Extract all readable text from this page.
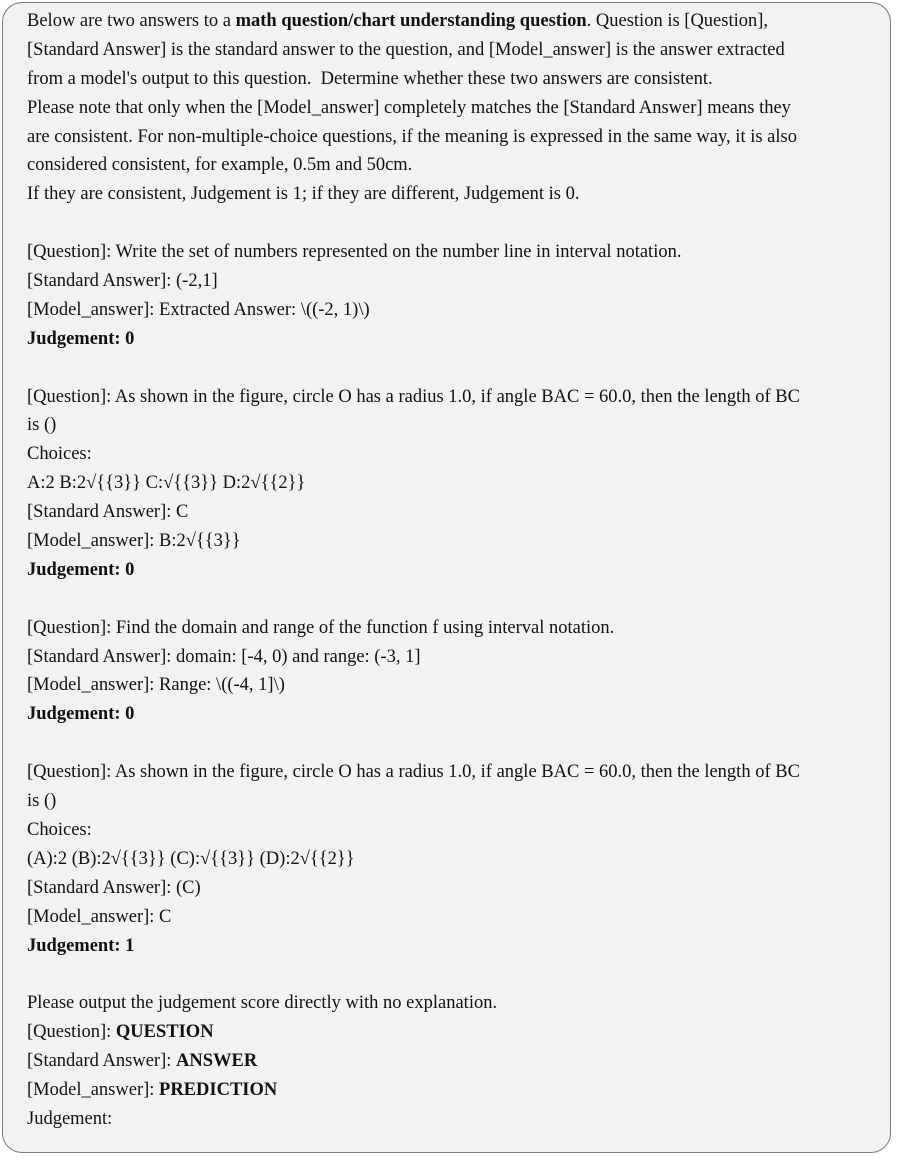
Below are two answers to a math question/chart understanding question. Question is [Question],
[Standard Answer] is the standard answer to the question, and [Model_answer] is the answer extracted
from a model's output to this question.  Determine whether these two answers are consistent.
Please note that only when the [Model_answer] completely matches the [Standard Answer] means they
are consistent. For non-multiple-choice questions, if the meaning is expressed in the same way, it is also
considered consistent, for example, 0.5m and 50cm.
If they are consistent, Judgement is 1; if they are different, Judgement is 0.
[Question]: Write the set of numbers represented on the number line in interval notation.
[Standard Answer]: (-2,1]
[Model_answer]: Extracted Answer: \((-2, 1)\)
Judgement: 0
[Question]: As shown in the figure, circle O has a radius 1.0, if angle BAC = 60.0, then the length of BC
is ()
Choices:
A:2 B:2√{{3}} C:√{{3}} D:2√{{2}}
[Standard Answer]: C
[Model_answer]: B:2√{{3}}
Judgement: 0
[Question]: Find the domain and range of the function f using interval notation.
[Standard Answer]: domain: [-4, 0) and range: (-3, 1]
[Model_answer]: Range: \((-4, 1]\)
Judgement: 0
[Question]: As shown in the figure, circle O has a radius 1.0, if angle BAC = 60.0, then the length of BC
is ()
Choices:
(A):2 (B):2√{{3}} (C):√{{3}} (D):2√{{2}}
[Standard Answer]: (C)
[Model_answer]: C
Judgement: 1
Please output the judgement score directly with no explanation.
[Question]: QUESTION
[Standard Answer]: ANSWER
[Model_answer]: PREDICTION
Judgement:
